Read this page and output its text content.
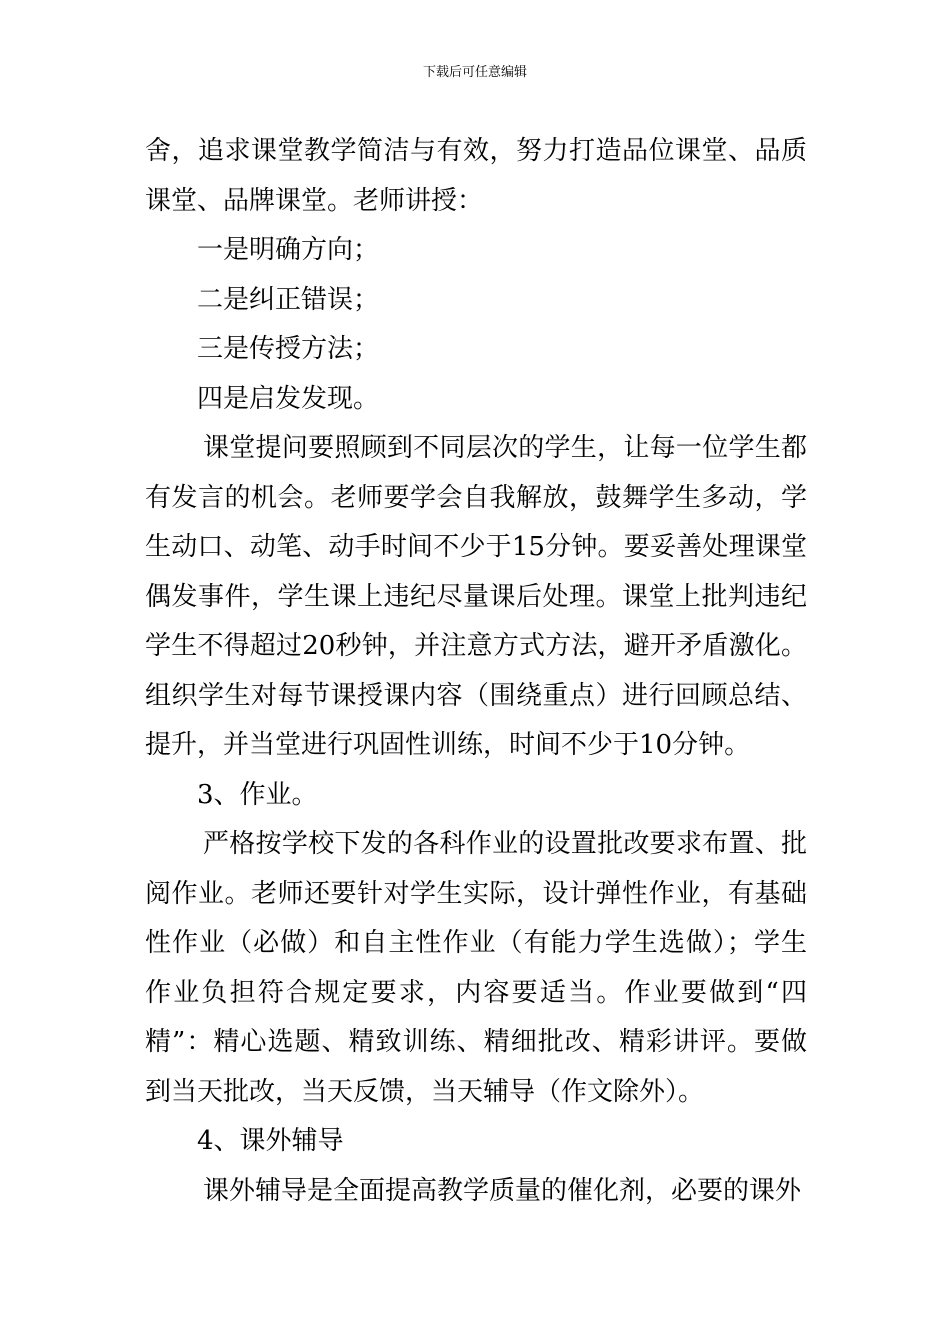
下载后可任意编辑

舍，追求课堂教学简洁与有效，努力打造品位课堂、品质课堂、品牌课堂。老师讲授：

一是明确方向；

二是纠正错误；

三是传授方法；

四是启发发现。

课堂提问要照顾到不同层次的学生，让每一位学生都有发言的机会。老师要学会自我解放，鼓舞学生多动，学生动口、动笔、动手时间不少于15分钟。要妥善处理课堂偶发事件，学生课上违纪尽量课后处理。课堂上批判违纪学生不得超过20秒钟，并注意方式方法，避开矛盾激化。组织学生对每节课授课内容（围绕重点）进行回顾总结、提升，并当堂进行巩固性训练，时间不少于10分钟。

3、作业。

严格按学校下发的各科作业的设置批改要求布置、批阅作业。老师还要针对学生实际，设计弹性作业，有基础性作业（必做）和自主性作业（有能力学生选做）；学生作业负担符合规定要求，内容要适当。作业要做到“四精”：精心选题、精致训练、精细批改、精彩讲评。要做到当天批改，当天反馈，当天辅导（作文除外）。

4、课外辅导

课外辅导是全面提高教学质量的催化剂，必要的课外
